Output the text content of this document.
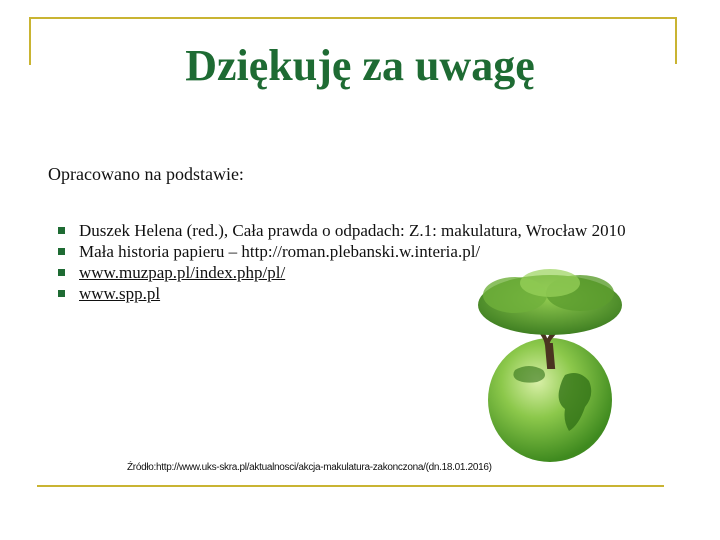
Dziękuję za uwagę
Opracowano na podstawie:
Duszek Helena (red.), Cała prawda o odpadach: Z.1: makulatura, Wrocław 2010
Mała historia papieru – http://roman.plebanski.w.interia.pl/
www.muzpap.pl/index.php/pl/
www.spp.pl
Źródło:http://www.uks-skra.pl/aktualnosci/akcja-makulatura-zakonczona/(dn.18.01.2016)
